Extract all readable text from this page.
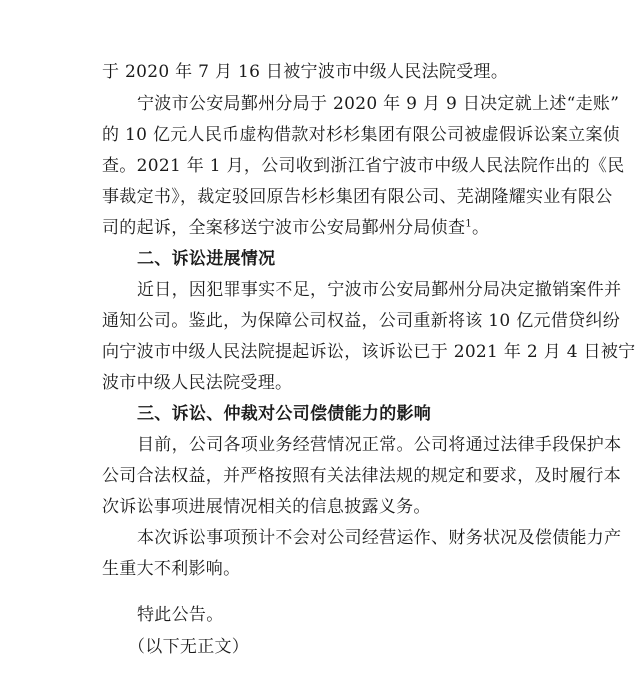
于 2020 年 7 月 16 日被宁波市中级人民法院受理。
宁波市公安局鄞州分局于 2020 年 9 月 9 日决定就上述“走账”
的 10 亿元人民币虚构借款对杉杉集团有限公司被虚假诉讼案立案侦
查。2021 年 1 月，公司收到浙江省宁波市中级人民法院作出的《民
事裁定书》，裁定驳回原告杉杉集团有限公司、芜湖隆耀实业有限公
司的起诉，全案移送宁波市公安局鄞州分局侦查$^1$。
二、诉讼进展情况
近日，因犯罪事实不足，宁波市公安局鄞州分局决定撤销案件并
通知公司。鉴此，为保障公司权益，公司重新将该 10 亿元借贷纠纷
向宁波市中级人民法院提起诉讼，该诉讼已于 2021 年 2 月 4 日被宁
波市中级人民法院受理。
三、诉讼、仲裁对公司偿债能力的影响
目前，公司各项业务经营情况正常。公司将通过法律手段保护本
公司合法权益，并严格按照有关法律法规的规定和要求，及时履行本
次诉讼事项进展情况相关的信息披露义务。
本次诉讼事项预计不会对公司经营运作、财务状况及偿债能力产
生重大不利影响。
特此公告。
（以下无正文）
